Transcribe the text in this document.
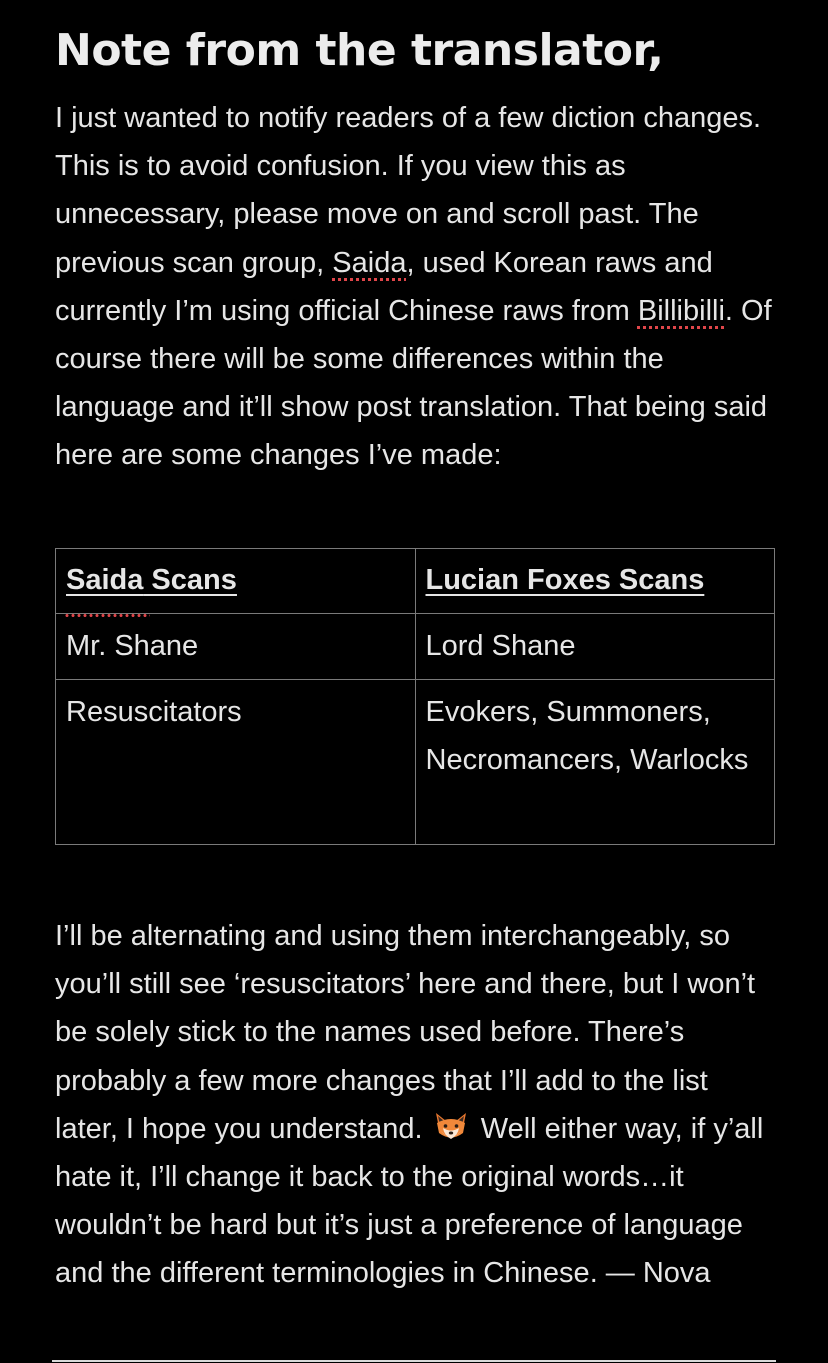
Note from the translator,

I just wanted to notify readers of a few diction changes. This is to avoid confusion. If you view this as unnecessary, please move on and scroll past. The previous scan group, Saida, used Korean raws and currently I’m using official Chinese raws from Billibilli. Of course there will be some differences within the language and it’ll show post translation. That being said here are some changes I’ve made:

Saida Scans	Lucian Foxes Scans
Mr. Shane	Lord Shane
Resuscitators	Evokers, Summoners, Necromancers, Warlocks

I’ll be alternating and using them interchangeably, so you’ll still see ‘resuscitators’ here and there, but I won’t be solely stick to the names used before. There’s probably a few more changes that I’ll add to the list later, I hope you understand.  Well either way, if y’all hate it, I’ll change it back to the original words…it wouldn’t be hard but it’s just a preference of language and the different terminologies in Chinese. — Nova
